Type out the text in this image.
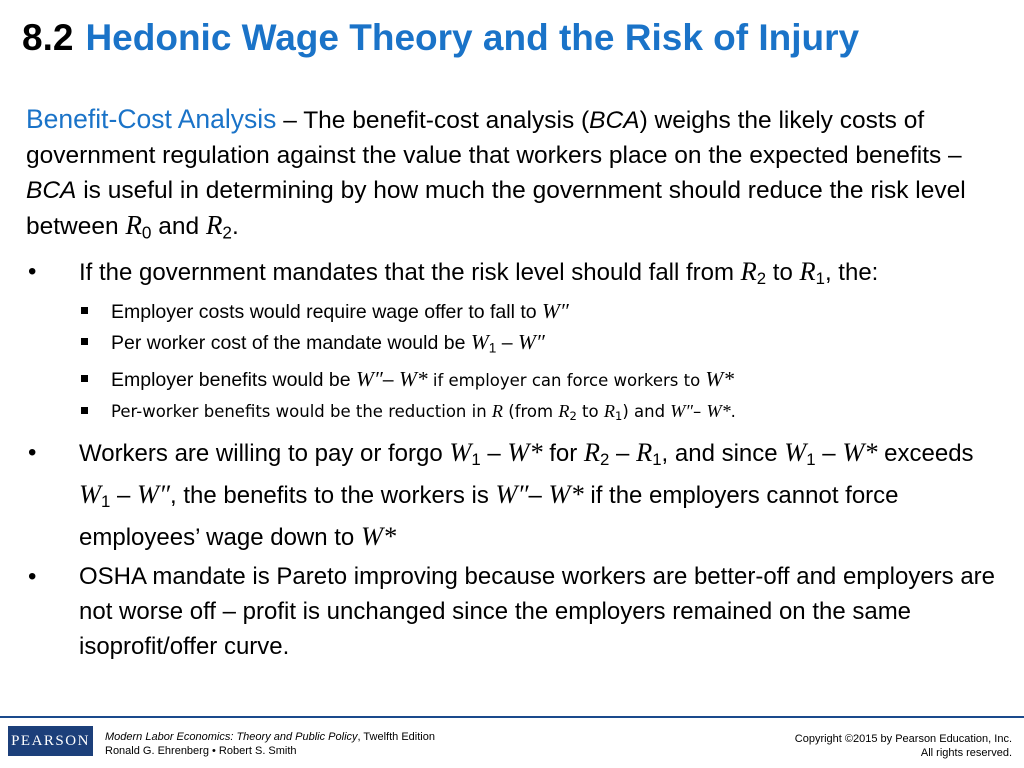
8.2 Hedonic Wage Theory and the Risk of Injury
Benefit-Cost Analysis – The benefit-cost analysis (BCA) weighs the likely costs of government regulation against the value that workers place on the expected benefits – BCA is useful in determining by how much the government should reduce the risk level between $R_0$ and $R_2$.
• If the government mandates that the risk level should fall from $R_2$ to $R_1$, the:
Employer costs would require wage offer to fall to W″
Per worker cost of the mandate would be $W_1 - W''$
Employer benefits would be W″– W* if employer can force workers to W*
Per-worker benefits would be the reduction in R (from $R_2$ to $R_1$) and W″– W*.
• Workers are willing to pay or forgo $W_1 - W*$ for $R_2 - R_1$, and since $W_1 - W*$ exceeds $W_1 - W''$, the benefits to the workers is W″– W* if the employers cannot force employees’ wage down to W*
• OSHA mandate is Pareto improving because workers are better-off and employers are not worse off – profit is unchanged since the employers remained on the same isoprofit/offer curve.
PEARSON Modern Labor Economics: Theory and Public Policy, Twelfth Edition
Ronald G. Ehrenberg • Robert S. Smith
Copyright ©2015 by Pearson Education, Inc.
All rights reserved.
